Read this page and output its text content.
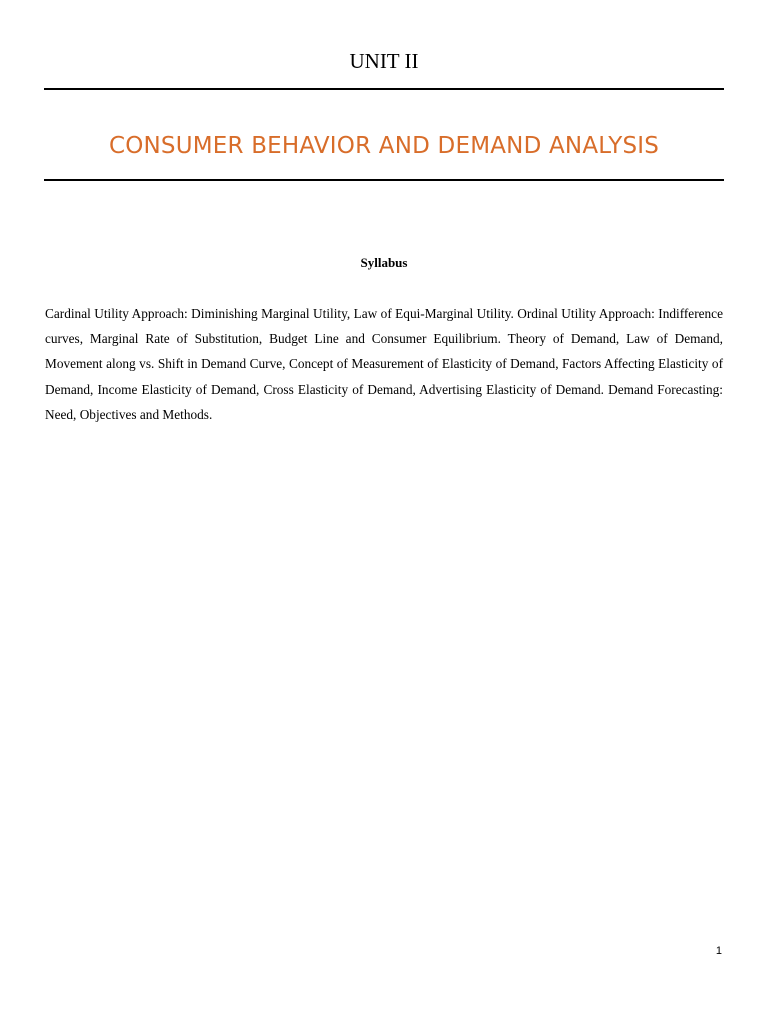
UNIT II
CONSUMER BEHAVIOR AND DEMAND ANALYSIS
Syllabus

Cardinal Utility Approach: Diminishing Marginal Utility, Law of Equi-Marginal Utility. Ordinal Utility Approach: Indifference curves, Marginal Rate of Substitution, Budget Line and Consumer Equilibrium. Theory of Demand, Law of Demand, Movement along vs. Shift in Demand Curve, Concept of Measurement of Elasticity of Demand, Factors Affecting Elasticity of Demand, Income Elasticity of Demand, Cross Elasticity of Demand, Advertising Elasticity of Demand. Demand Forecasting: Need, Objectives and Methods.

1
